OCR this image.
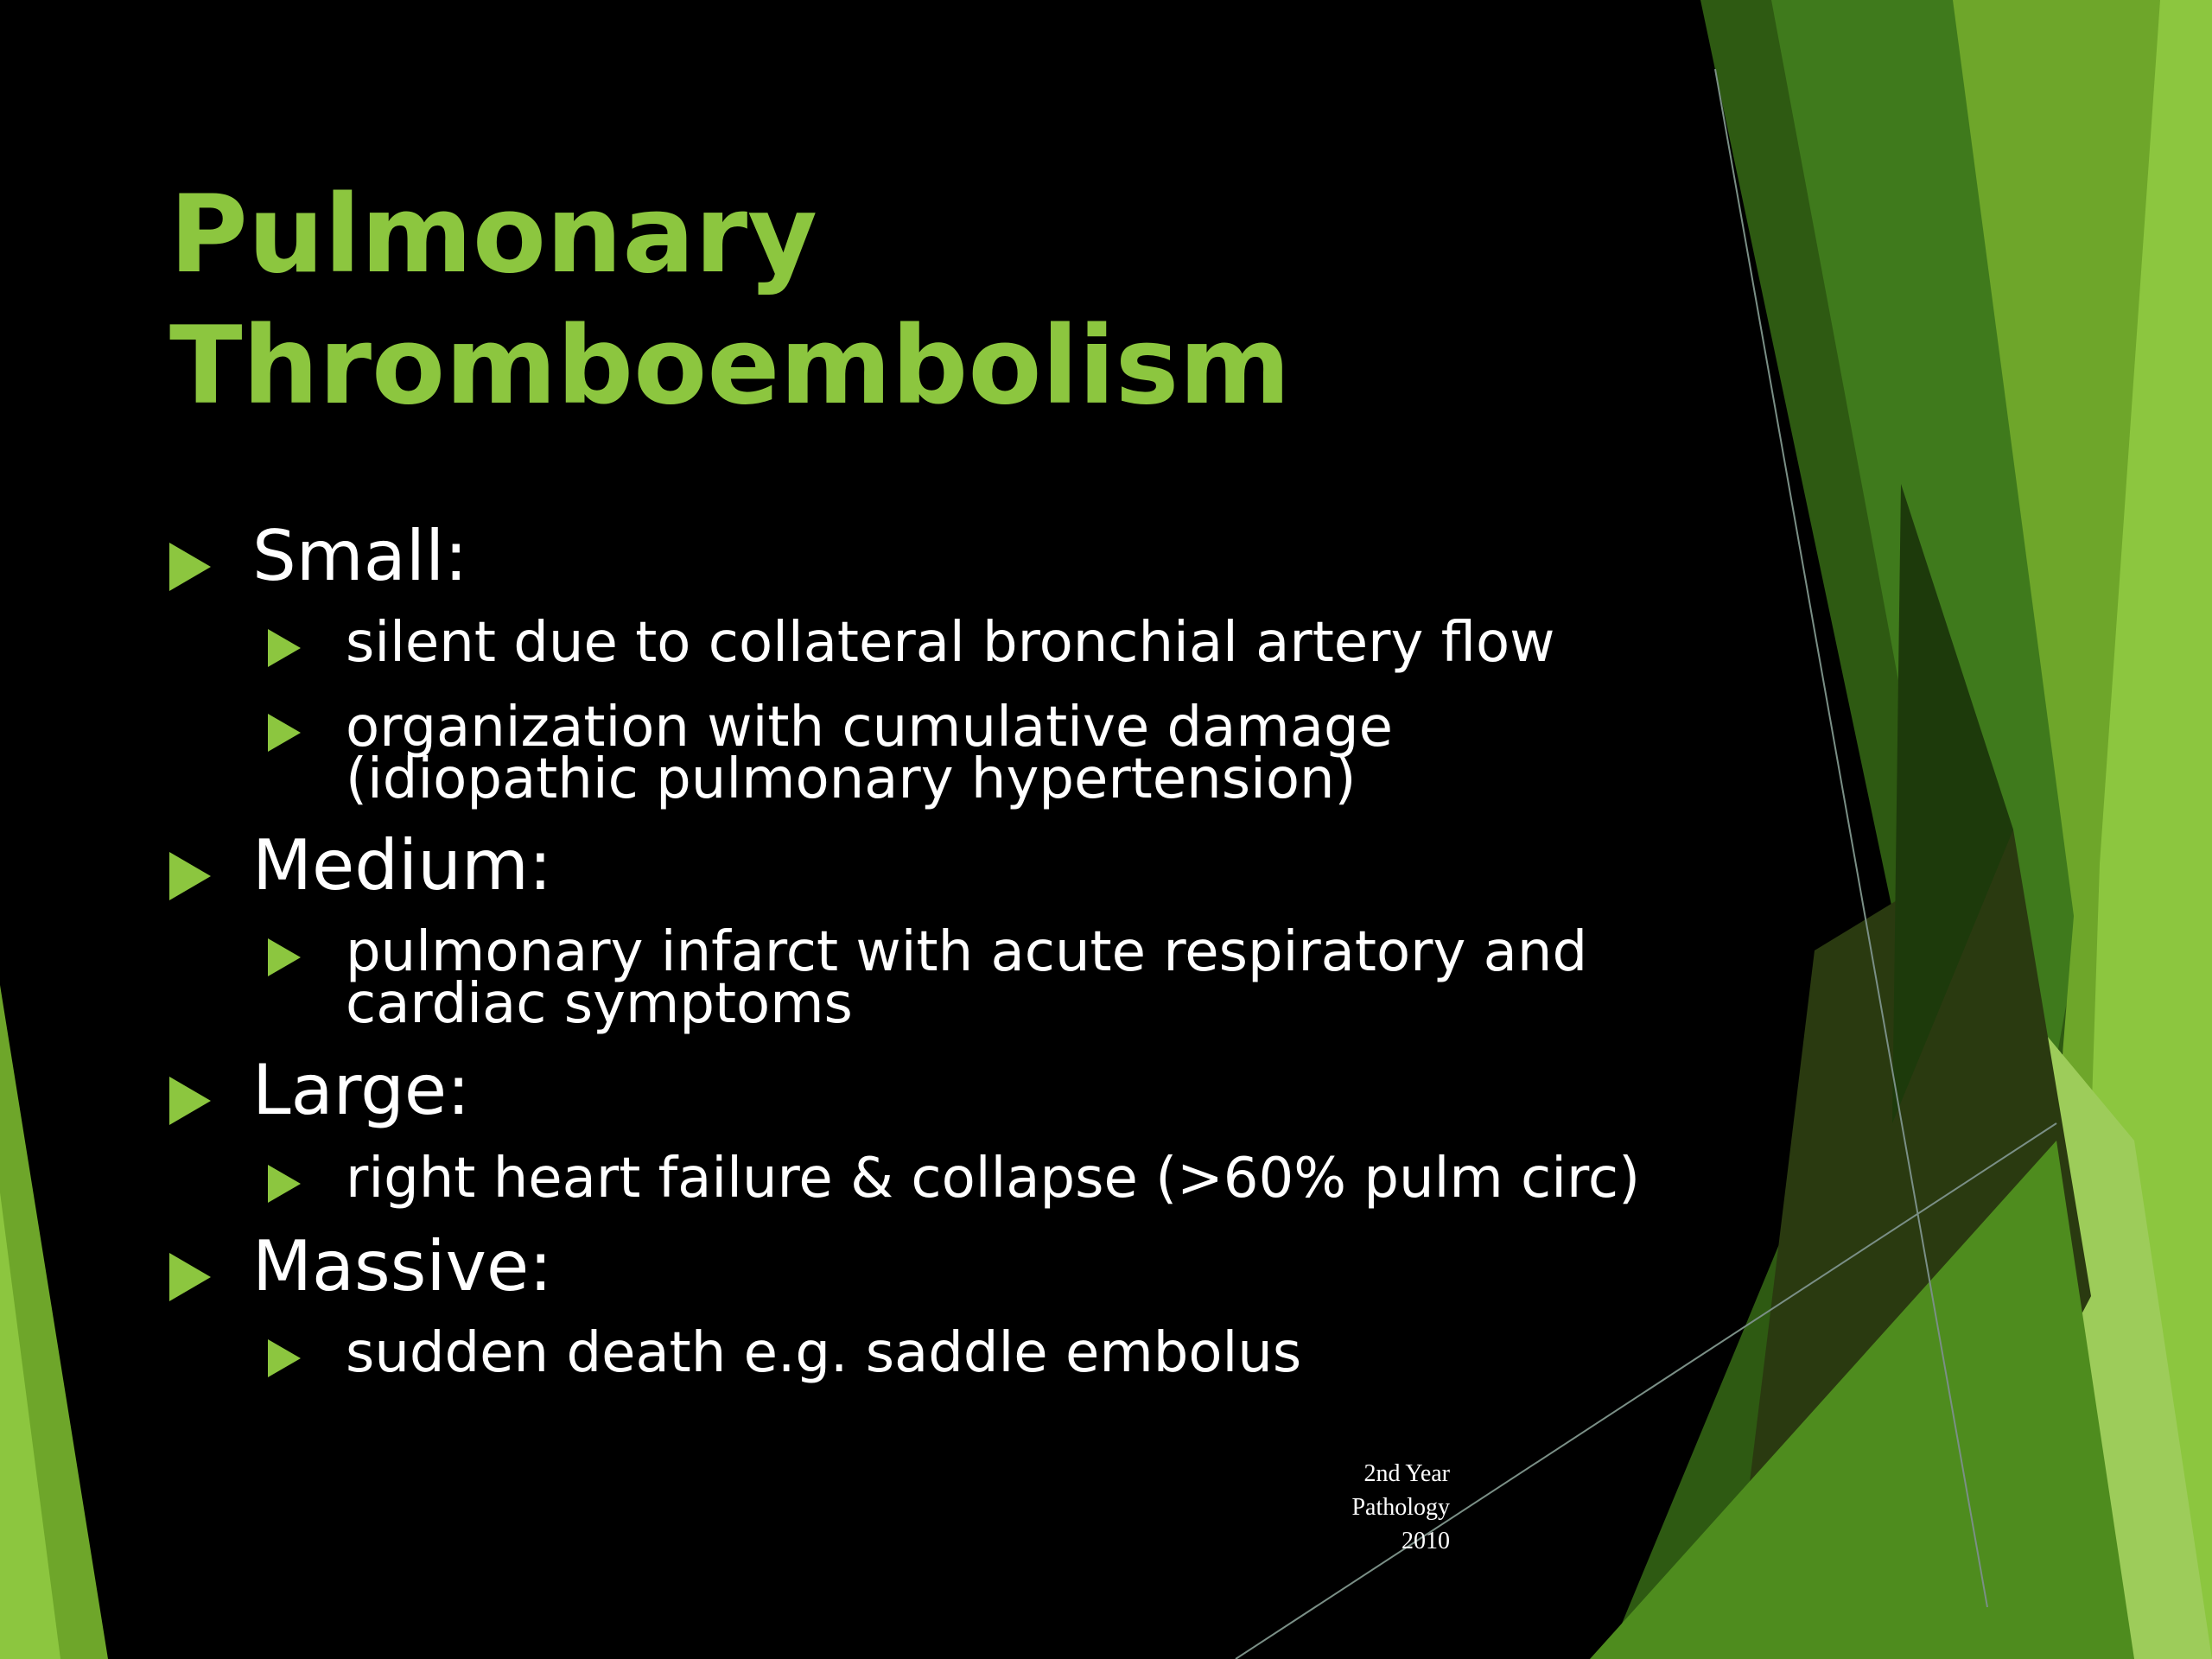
Pulmonary
Thromboembolism
Small:
silent due to collateral bronchial artery flow
organization with cumulative damage
(idiopathic pulmonary hypertension)
Medium:
pulmonary infarct with acute respiratory and
cardiac symptoms
Large:
right heart failure & collapse (>60% pulm circ)
Massive:
sudden death e.g. saddle embolus
2nd Year
Pathology
2010
